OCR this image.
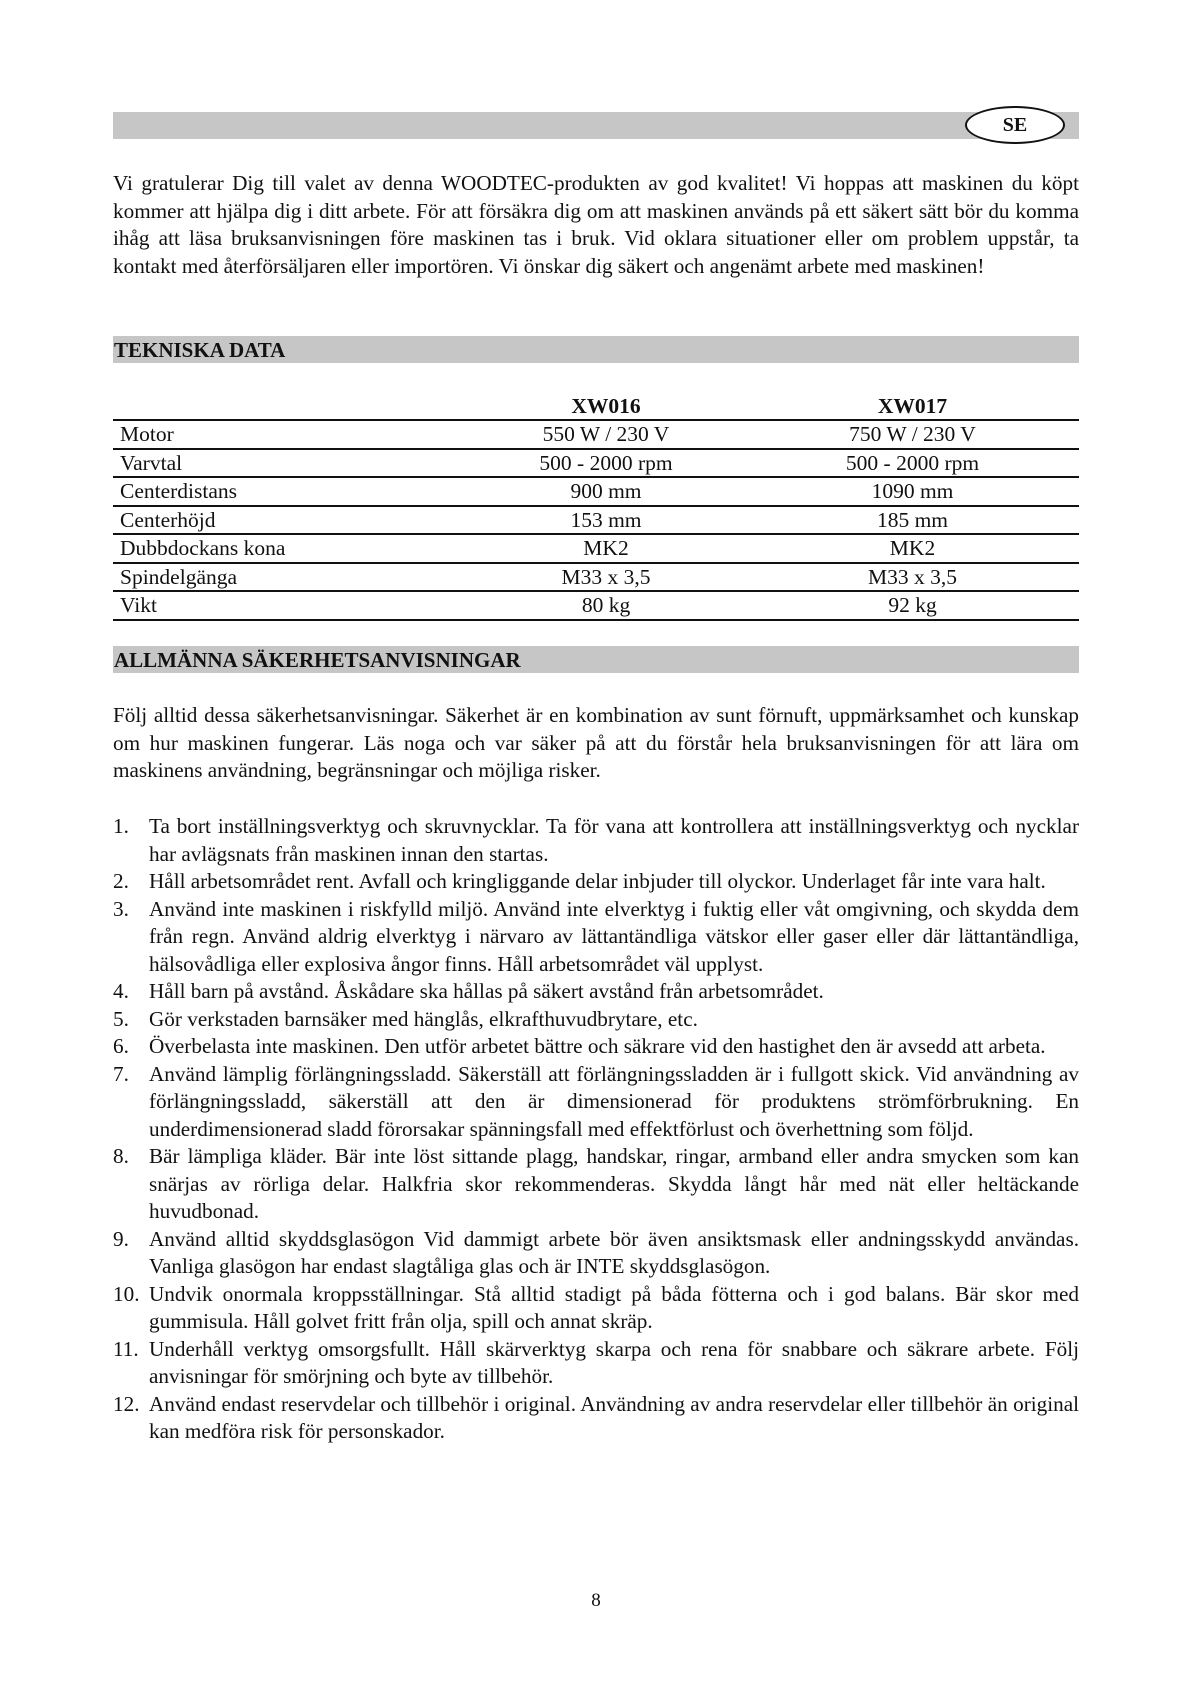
SE

Vi gratulerar Dig till valet av denna WOODTEC-produkten av god kvalitet! Vi hoppas att maskinen du köpt kommer att hjälpa dig i ditt arbete. För att försäkra dig om att maskinen används på ett säkert sätt bör du komma ihåg att läsa bruksanvisningen före maskinen tas i bruk. Vid oklara situationer eller om problem uppstår, ta kontakt med återförsäljaren eller importören. Vi önskar dig säkert och angenämt arbete med maskinen!

TEKNISKA DATA
	XW016	XW017
Motor	550 W / 230 V	750 W / 230 V
Varvtal	500 - 2000 rpm	500 - 2000 rpm
Centerdistans	900 mm	1090 mm
Centerhöjd	153 mm	185 mm
Dubbdockans kona	MK2	MK2
Spindelgänga	M33 x 3,5	M33 x 3,5
Vikt	80 kg	92 kg
ALLMÄNNA SÄKERHETSANVISNINGAR

Följ alltid dessa säkerhetsanvisningar. Säkerhet är en kombination av sunt förnuft, uppmärksamhet och kunskap om hur maskinen fungerar. Läs noga och var säker på att du förstår hela bruksanvisningen för att lära om maskinens användning, begränsningar och möjliga risker.

1. Ta bort inställningsverktyg och skruvnycklar. Ta för vana att kontrollera att inställningsverktyg och nycklar har avlägsnats från maskinen innan den startas.
2. Håll arbetsområdet rent. Avfall och kringliggande delar inbjuder till olyckor. Underlaget får inte vara halt.
3. Använd inte maskinen i riskfylld miljö. Använd inte elverktyg i fuktig eller våt omgivning, och skydda dem från regn. Använd aldrig elverktyg i närvaro av lättantändliga vätskor eller gaser eller där lättantändliga, hälsovådliga eller explosiva ångor finns. Håll arbetsområdet väl upplyst.
4. Håll barn på avstånd. Åskådare ska hållas på säkert avstånd från arbetsområdet.
5. Gör verkstaden barnsäker med hänglås, elkrafthuvudbrytare, etc.
6. Överbelasta inte maskinen. Den utför arbetet bättre och säkrare vid den hastighet den är avsedd att arbeta.
7. Använd lämplig förlängningssladd. Säkerställ att förlängningssladden är i fullgott skick. Vid användning av förlängningssladd, säkerställ att den är dimensionerad för produktens strömförbrukning. En underdimensionerad sladd förorsakar spänningsfall med effektförlust och överhettning som följd.
8. Bär lämpliga kläder. Bär inte löst sittande plagg, handskar, ringar, armband eller andra smycken som kan snärjas av rörliga delar. Halkfria skor rekommenderas. Skydda långt hår med nät eller heltäckande huvudbonad.
9. Använd alltid skyddsglasögon Vid dammigt arbete bör även ansiktsmask eller andningsskydd användas. Vanliga glasögon har endast slagtåliga glas och är INTE skyddsglasögon.
10. Undvik onormala kroppsställningar. Stå alltid stadigt på båda fötterna och i god balans. Bär skor med gummisula. Håll golvet fritt från olja, spill och annat skräp.
11. Underhåll verktyg omsorgsfullt. Håll skärverktyg skarpa och rena för snabbare och säkrare arbete. Följ anvisningar för smörjning och byte av tillbehör.
12. Använd endast reservdelar och tillbehör i original. Användning av andra reservdelar eller tillbehör än original kan medföra risk för personskador.
8
